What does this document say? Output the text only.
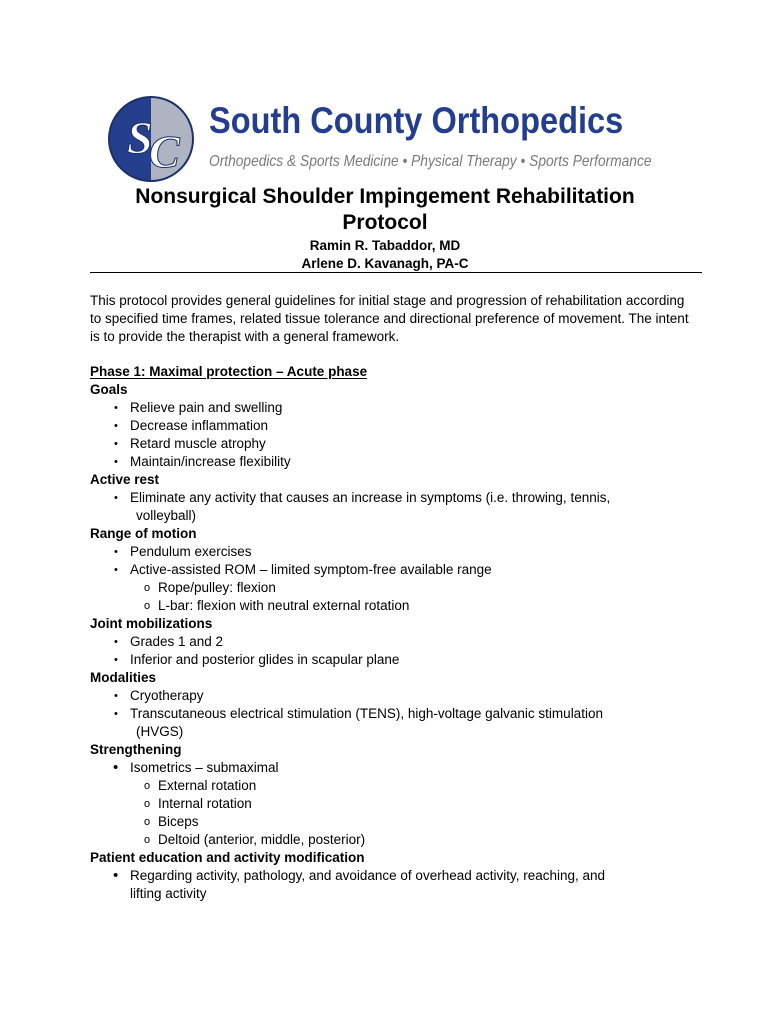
S
C
South County Orthopedics
Orthopedics & Sports Medicine • Physical Therapy • Sports Performance
Nonsurgical Shoulder Impingement Rehabilitation
Protocol
Ramin R. Tabaddor, MD
Arlene D. Kavanagh, PA-C

This protocol provides general guidelines for initial stage and progression of rehabilitation according to specified time frames, related tissue tolerance and directional preference of movement. The intent is to provide the therapist with a general framework.

Phase 1: Maximal protection – Acute phase

Goals

• Relieve pain and swelling
• Decrease inflammation
• Retard muscle atrophy
• Maintain/increase flexibility

Active rest

• Eliminate any activity that causes an increase in symptoms (i.e. throwing, tennis,
volleyball)

Range of motion

• Pendulum exercises
• Active-assisted ROM – limited symptom-free available range
o Rope/pulley: flexion
o L-bar: flexion with neutral external rotation

Joint mobilizations

• Grades 1 and 2
• Inferior and posterior glides in scapular plane

Modalities

• Cryotherapy
• Transcutaneous electrical stimulation (TENS), high-voltage galvanic stimulation
(HVGS)

Strengthening

• Isometrics – submaximal
o External rotation
o Internal rotation
o Biceps
o Deltoid (anterior, middle, posterior)

Patient education and activity modification

• Regarding activity, pathology, and avoidance of overhead activity, reaching, and
lifting activity
